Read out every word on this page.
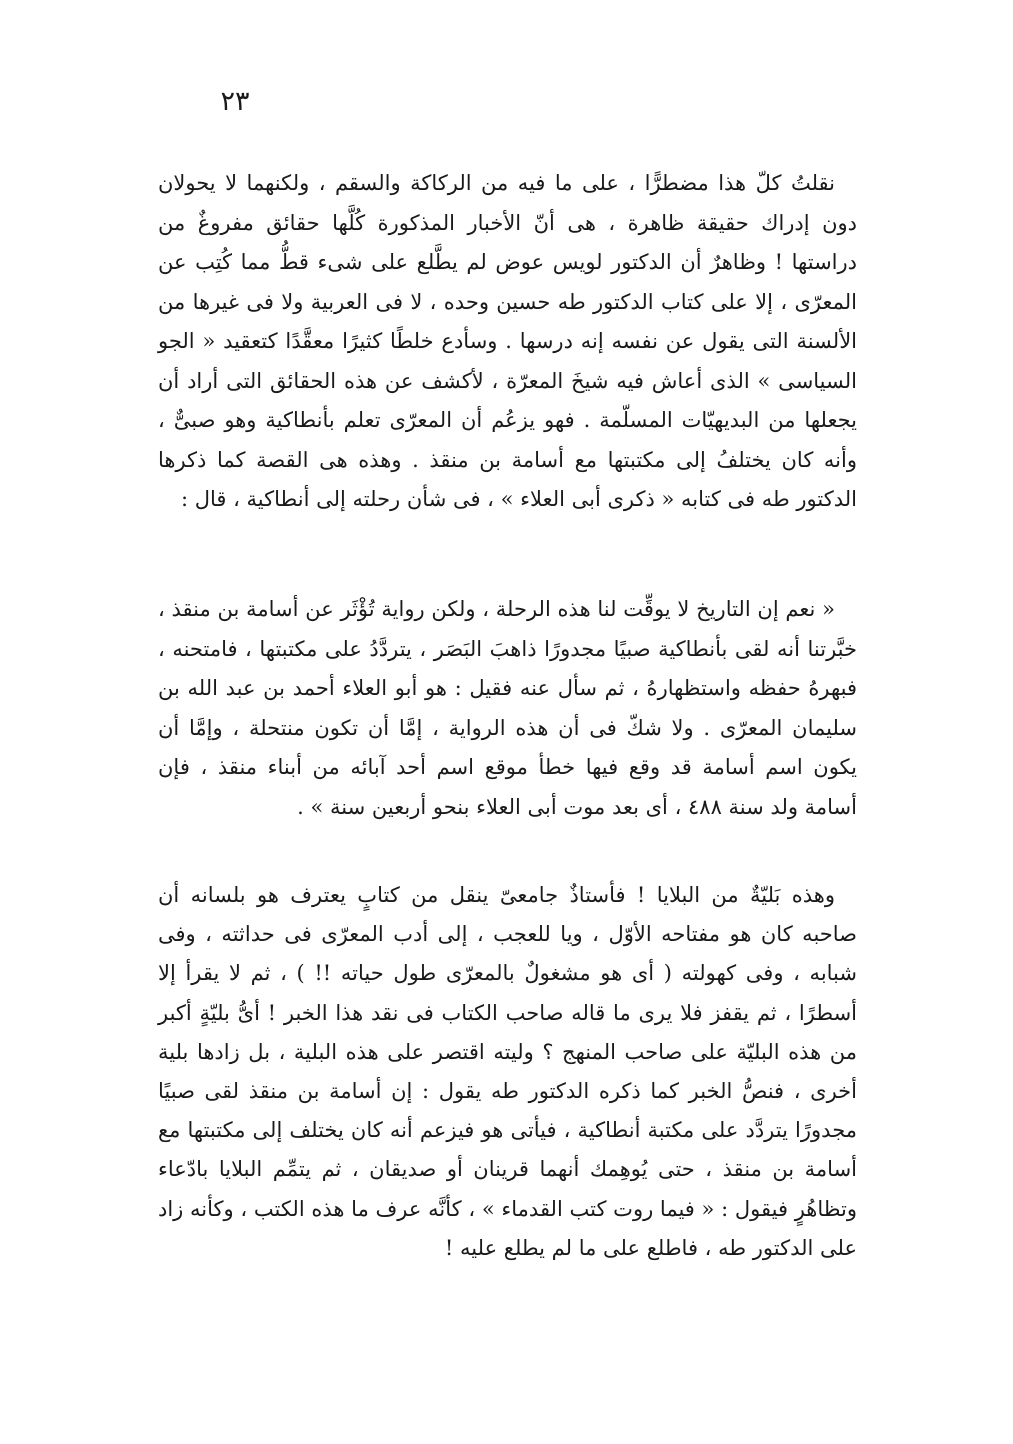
٢٣

نقلتُ كلّ هذا مضطرًّا ، على ما فيه من الركاكة والسقم ، ولكنهما لا يحولان دون إدراك حقيقة ظاهرة ، هى أنّ الأخبار المذكورة كُلَّها حقائق مفروغٌ من دراستها ! وظاهرٌ أن الدكتور لويس عوض لم يطَّلع على شىء قطُّ مما كُتِب عن المعرّى ، إلا على كتاب الدكتور طه حسين وحده ، لا فى العربية ولا فى غيرها من الألسنة التى يقول عن نفسه إنه درسها . وسأدع خلطًا كثيرًا معقَّدًا كتعقيد « الجو السياسى » الذى أعاش فيه شيخَ المعرّة ، لأكشف عن هذه الحقائق التى أراد أن يجعلها من البديهيّات المسلّمة . فهو يزعُم أن المعرّى تعلم بأنطاكية وهو صبىٌّ ، وأنه كان يختلفُ إلى مكتبتها مع أسامة بن منقذ . وهذه هى القصة كما ذكرها الدكتور طه فى كتابه « ذكرى أبى العلاء » ، فى شأن رحلته إلى أنطاكية ، قال :

« نعم إن التاريخ لا يوقِّت لنا هذه الرحلة ، ولكن رواية تُؤْثَر عن أسامة بن منقذ ، خبَّرتنا أنه لقى بأنطاكية صبيًا مجدورًا ذاهبَ البَصَر ، يتردَّدُ على مكتبتها ، فامتحنه ، فبهرهُ حفظه واستظهارهُ ، ثم سأل عنه فقيل : هو أبو العلاء أحمد بن عبد الله بن سليمان المعرّى . ولا شكّ فى أن هذه الرواية ، إمَّا أن تكون منتحلة ، وإمَّا أن يكون اسم أسامة قد وقع فيها خطأ موقع اسم أحد آبائه من أبناء منقذ ، فإن أسامة ولد سنة ٤٨٨ ، أى بعد موت أبى العلاء بنحو أربعين سنة » .

وهذه بَليّةٌ من البلايا ! فأستاذٌ جامعىّ ينقل من كتابٍ يعترف هو بلسانه أن صاحبه كان هو مفتاحه الأوّل ، ويا للعجب ، إلى أدب المعرّى فى حداثته ، وفى شبابه ، وفى كهولته ( أى هو مشغولٌ بالمعرّى طول حياته !! ) ، ثم لا يقرأ إلا أسطرًا ، ثم يقفز فلا يرى ما قاله صاحب الكتاب فى نقد هذا الخبر ! أىُّ بليّةٍ أكبر من هذه البليّة على صاحب المنهج ؟ وليته اقتصر على هذه البلية ، بل زادها بلية أخرى ، فنصُّ الخبر كما ذكره الدكتور طه يقول : إن أسامة بن منقذ لقى صبيًا مجدورًا يتردَّد على مكتبة أنطاكية ، فيأتى هو فيزعم أنه كان يختلف إلى مكتبتها مع أسامة بن منقذ ، حتى يُوهِمك أنهما قرينان أو صديقان ، ثم يتمِّم البلايا بادّعاء وتظاهُرٍ فيقول : « فيما روت كتب القدماء » ، كأنَّه عرف ما هذه الكتب ، وكأنه زاد على الدكتور طه ، فاطلع على ما لم يطلع عليه !
